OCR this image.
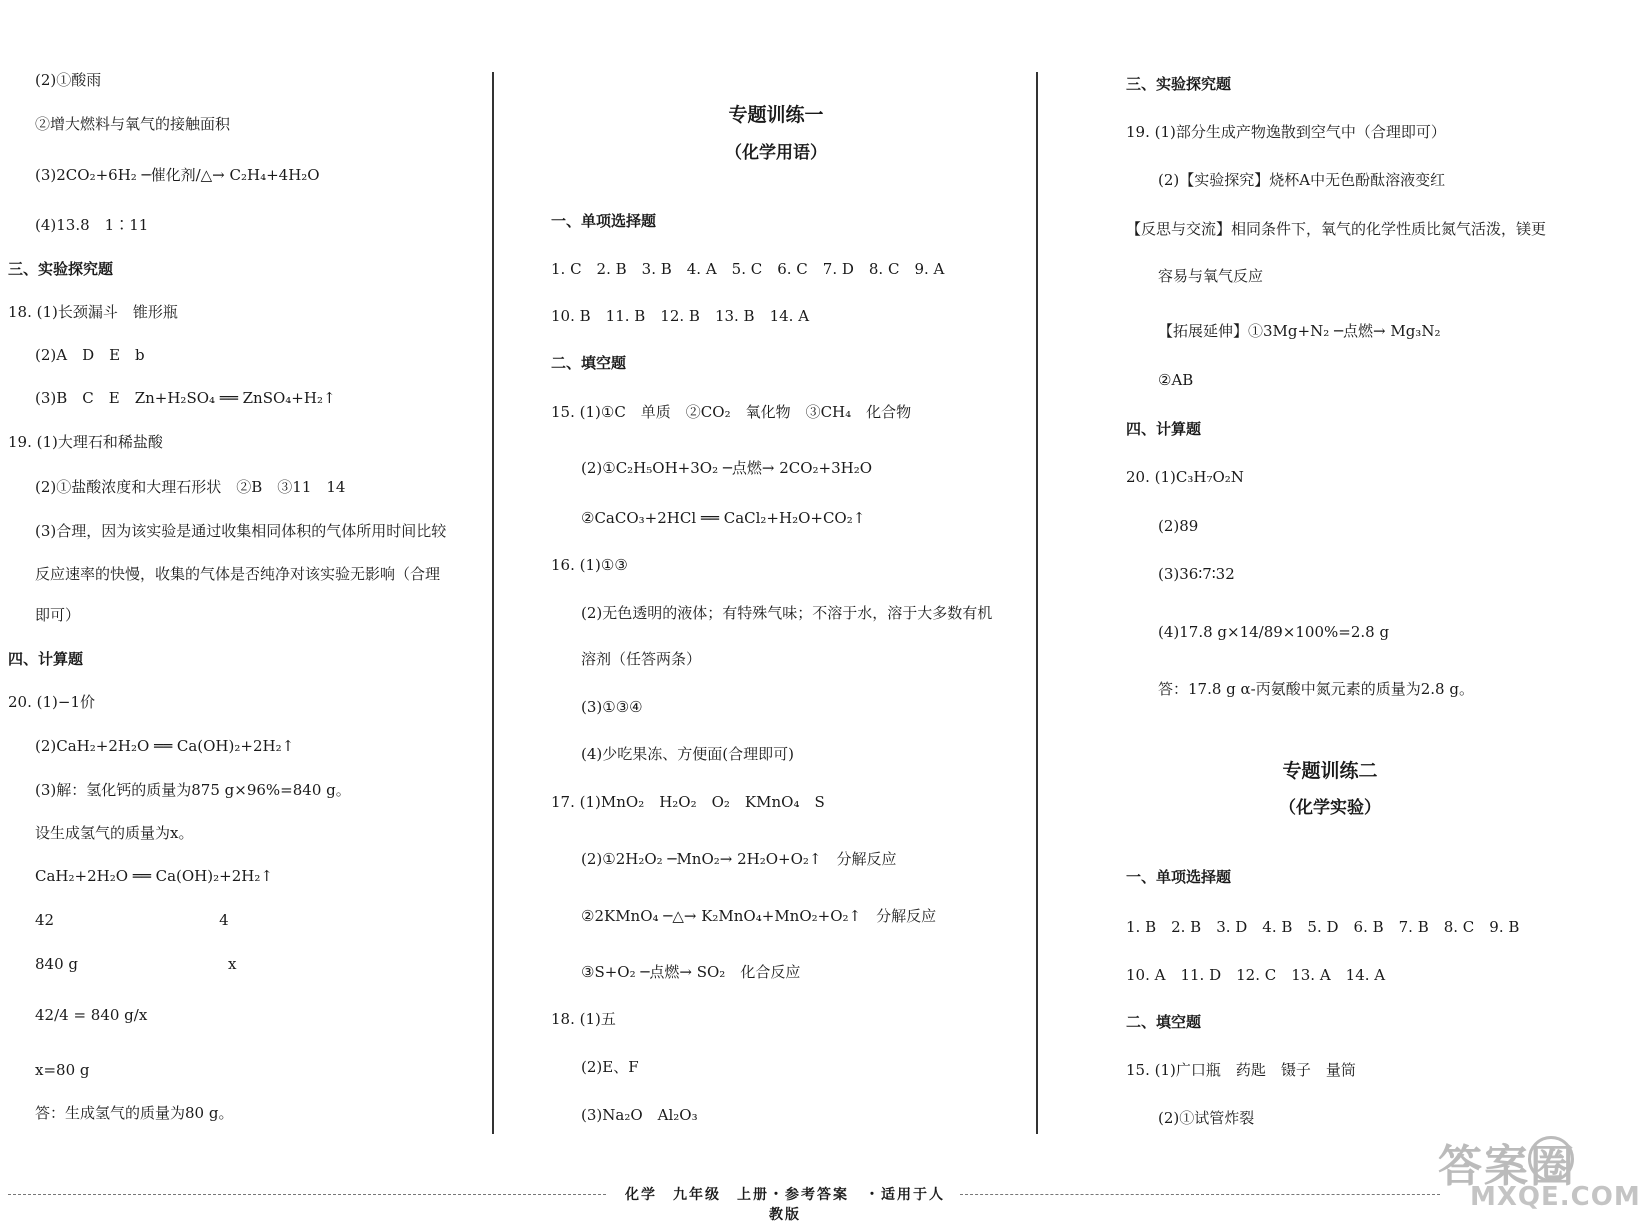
(2)①酸雨
②增大燃料与氧气的接触面积
(3)2CO₂+6H₂ ─催化剂/△→ C₂H₄+4H₂O
(4)13.8　1∶11
三、实验探究题
18. (1)长颈漏斗　锥形瓶
(2)A　D　E　b
(3)B　C　E　Zn+H₂SO₄ ══ ZnSO₄+H₂↑
19. (1)大理石和稀盐酸
(2)①盐酸浓度和大理石形状　②B　③11　14
(3)合理，因为该实验是通过收集相同体积的气体所用时间比较
反应速率的快慢，收集的气体是否纯净对该实验无影响（合理
即可）
四、计算题
20. (1)−1价
(2)CaH₂+2H₂O ══ Ca(OH)₂+2H₂↑
(3)解：氢化钙的质量为875 g×96%=840 g。
设生成氢气的质量为x。
CaH₂+2H₂O ══ Ca(OH)₂+2H₂↑
42　　　　　　　　　　　4
840 g　　　　　　　　　　x
42/4 = 840 g/x
x=80 g
答：生成氢气的质量为80 g。
专题训练一
（化学用语）
一、单项选择题
1. C　2. B　3. B　4. A　5. C　6. C　7. D　8. C　9. A
10. B　11. B　12. B　13. B　14. A
二、填空题
15. (1)①C　单质　②CO₂　氧化物　③CH₄　化合物
(2)①C₂H₅OH+3O₂ ─点燃→ 2CO₂+3H₂O
②CaCO₃+2HCl ══ CaCl₂+H₂O+CO₂↑
16. (1)①③
(2)无色透明的液体；有特殊气味；不溶于水，溶于大多数有机
溶剂（任答两条）
(3)①③④
(4)少吃果冻、方便面(合理即可)
17. (1)MnO₂　H₂O₂　O₂　KMnO₄　S
(2)①2H₂O₂ ─MnO₂→ 2H₂O+O₂↑　分解反应
②2KMnO₄ ─△→ K₂MnO₄+MnO₂+O₂↑　分解反应
③S+O₂ ─点燃→ SO₂　化合反应
18. (1)五
(2)E、F
(3)Na₂O　Al₂O₃
三、实验探究题
19. (1)部分生成产物逸散到空气中（合理即可）
(2)【实验探究】烧杯A中无色酚酞溶液变红
【反思与交流】相同条件下，氧气的化学性质比氮气活泼，镁更
容易与氧气反应
【拓展延伸】①3Mg+N₂ ─点燃→ Mg₃N₂
②AB
四、计算题
20. (1)C₃H₇O₂N
(2)89
(3)36∶7∶32
(4)17.8 g×14/89×100%=2.8 g
答：17.8 g α-丙氨酸中氮元素的质量为2.8 g。
专题训练二
（化学实验）
一、单项选择题
1. B　2. B　3. D　4. B　5. D　6. B　7. B　8. C　9. B
10. A　11. D　12. C　13. A　14. A
二、填空题
15. (1)广口瓶　药匙　镊子　量筒
(2)①试管炸裂
化学　九年级　上册・参考答案　・适用于人教版
答案圈
MXQE.COM
